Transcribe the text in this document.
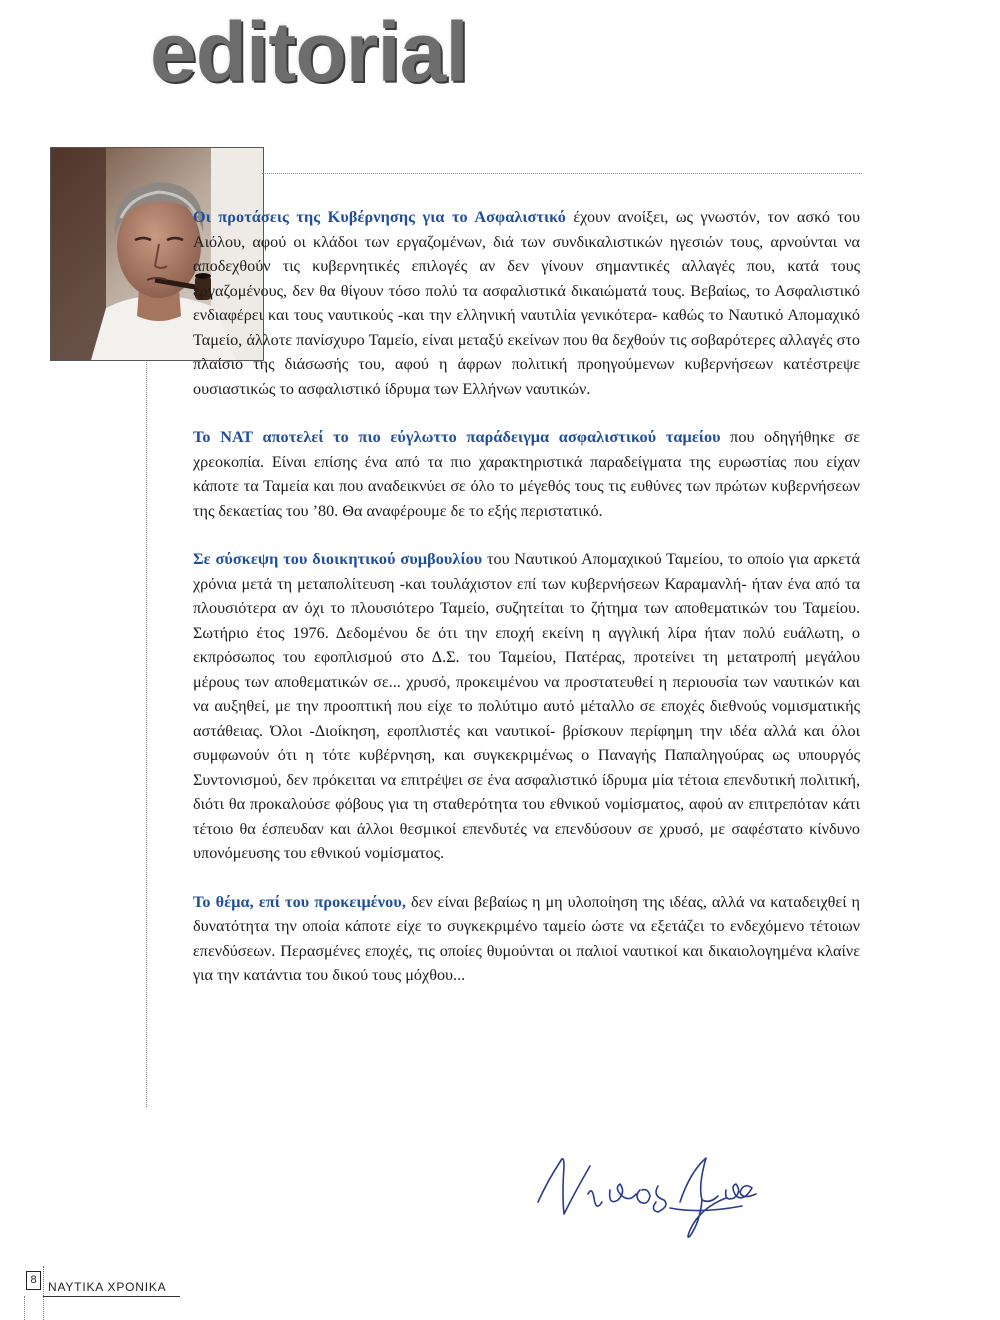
editorial

Οι προτάσεις της Κυβέρνησης για το Ασφαλιστικό έχουν ανοίξει, ως γνωστόν, τον ασκό του Αιόλου, αφού οι κλάδοι των εργαζομένων, διά των συνδικαλιστικών ηγεσιών τους, αρνούνται να αποδεχθούν τις κυβερνητικές επιλογές αν δεν γίνουν σημαντικές αλλαγές που, κατά τους εργαζομένους, δεν θα θίγουν τόσο πολύ τα ασφαλιστικά δικαιώματά τους. Βεβαίως, το Ασφαλιστικό ενδιαφέρει και τους ναυτικούς -και την ελληνική ναυτιλία γενικότερα- καθώς το Ναυτικό Απομαχικό Ταμείο, άλλοτε πανίσχυρο Ταμείο, είναι μεταξύ εκείνων που θα δεχθούν τις σοβαρότερες αλλαγές στο πλαίσιο της διάσωσής του, αφού η άφρων πολιτική προηγούμενων κυβερνήσεων κατέστρεψε ουσιαστικώς το ασφαλιστικό ίδρυμα των Ελλήνων ναυτικών.

Το ΝΑΤ αποτελεί το πιο εύγλωττο παράδειγμα ασφαλιστικού ταμείου που οδηγήθηκε σε χρεοκοπία. Είναι επίσης ένα από τα πιο χαρακτηριστικά παραδείγματα της ευρωστίας που είχαν κάποτε τα Ταμεία και που αναδεικνύει σε όλο το μέγεθός τους τις ευθύνες των πρώτων κυβερνήσεων της δεκαετίας του ’80. Θα αναφέρουμε δε το εξής περιστατικό.

Σε σύσκεψη του διοικητικού συμβουλίου του Ναυτικού Απομαχικού Ταμείου, το οποίο για αρκετά χρόνια μετά τη μεταπολίτευση -και τουλάχιστον επί των κυβερνήσεων Καραμανλή- ήταν ένα από τα πλουσιότερα αν όχι το πλουσιότερο Ταμείο, συζητείται το ζήτημα των αποθεματικών του Ταμείου. Σωτήριο έτος 1976. Δεδομένου δε ότι την εποχή εκείνη η αγγλική λίρα ήταν πολύ ευάλωτη, ο εκπρόσωπος του εφοπλισμού στο Δ.Σ. του Ταμείου, Πατέρας, προτείνει τη μετατροπή μεγάλου μέρους των αποθεματικών σε... χρυσό, προκειμένου να προστατευθεί η περιουσία των ναυτικών και να αυξηθεί, με την προοπτική που είχε το πολύτιμο αυτό μέταλλο σε εποχές διεθνούς νομισματικής αστάθειας. Όλοι -Διοίκηση, εφοπλιστές και ναυτικοί- βρίσκουν περίφημη την ιδέα αλλά και όλοι συμφωνούν ότι η τότε κυβέρνηση, και συγκεκριμένως ο Παναγής Παπαληγούρας ως υπουργός Συντονισμού, δεν πρόκειται να επιτρέψει σε ένα ασφαλιστικό ίδρυμα μία τέτοια επενδυτική πολιτική, διότι θα προκαλούσε φόβους για τη σταθερότητα του εθνικού νομίσματος, αφού αν επιτρεπόταν κάτι τέτοιο θα έσπευδαν και άλλοι θεσμικοί επενδυτές να επενδύσουν σε χρυσό, με σαφέστατο κίνδυνο υπονόμευσης του εθνικού νομίσματος.

Το θέμα, επί του προκειμένου, δεν είναι βεβαίως η μη υλοποίηση της ιδέας, αλλά να καταδειχθεί η δυνατότητα την οποία κάποτε είχε το συγκεκριμένο ταμείο ώστε να εξετάζει το ενδεχόμενο τέτοιων επενδύσεων. Περασμένες εποχές, τις οποίες θυμούνται οι παλιοί ναυτικοί και δικαιολογημένα κλαίνε για την κατάντια του δικού τους μόχθου...

8 ΝΑΥΤΙΚΑ ΧΡΟΝΙΚΑ
